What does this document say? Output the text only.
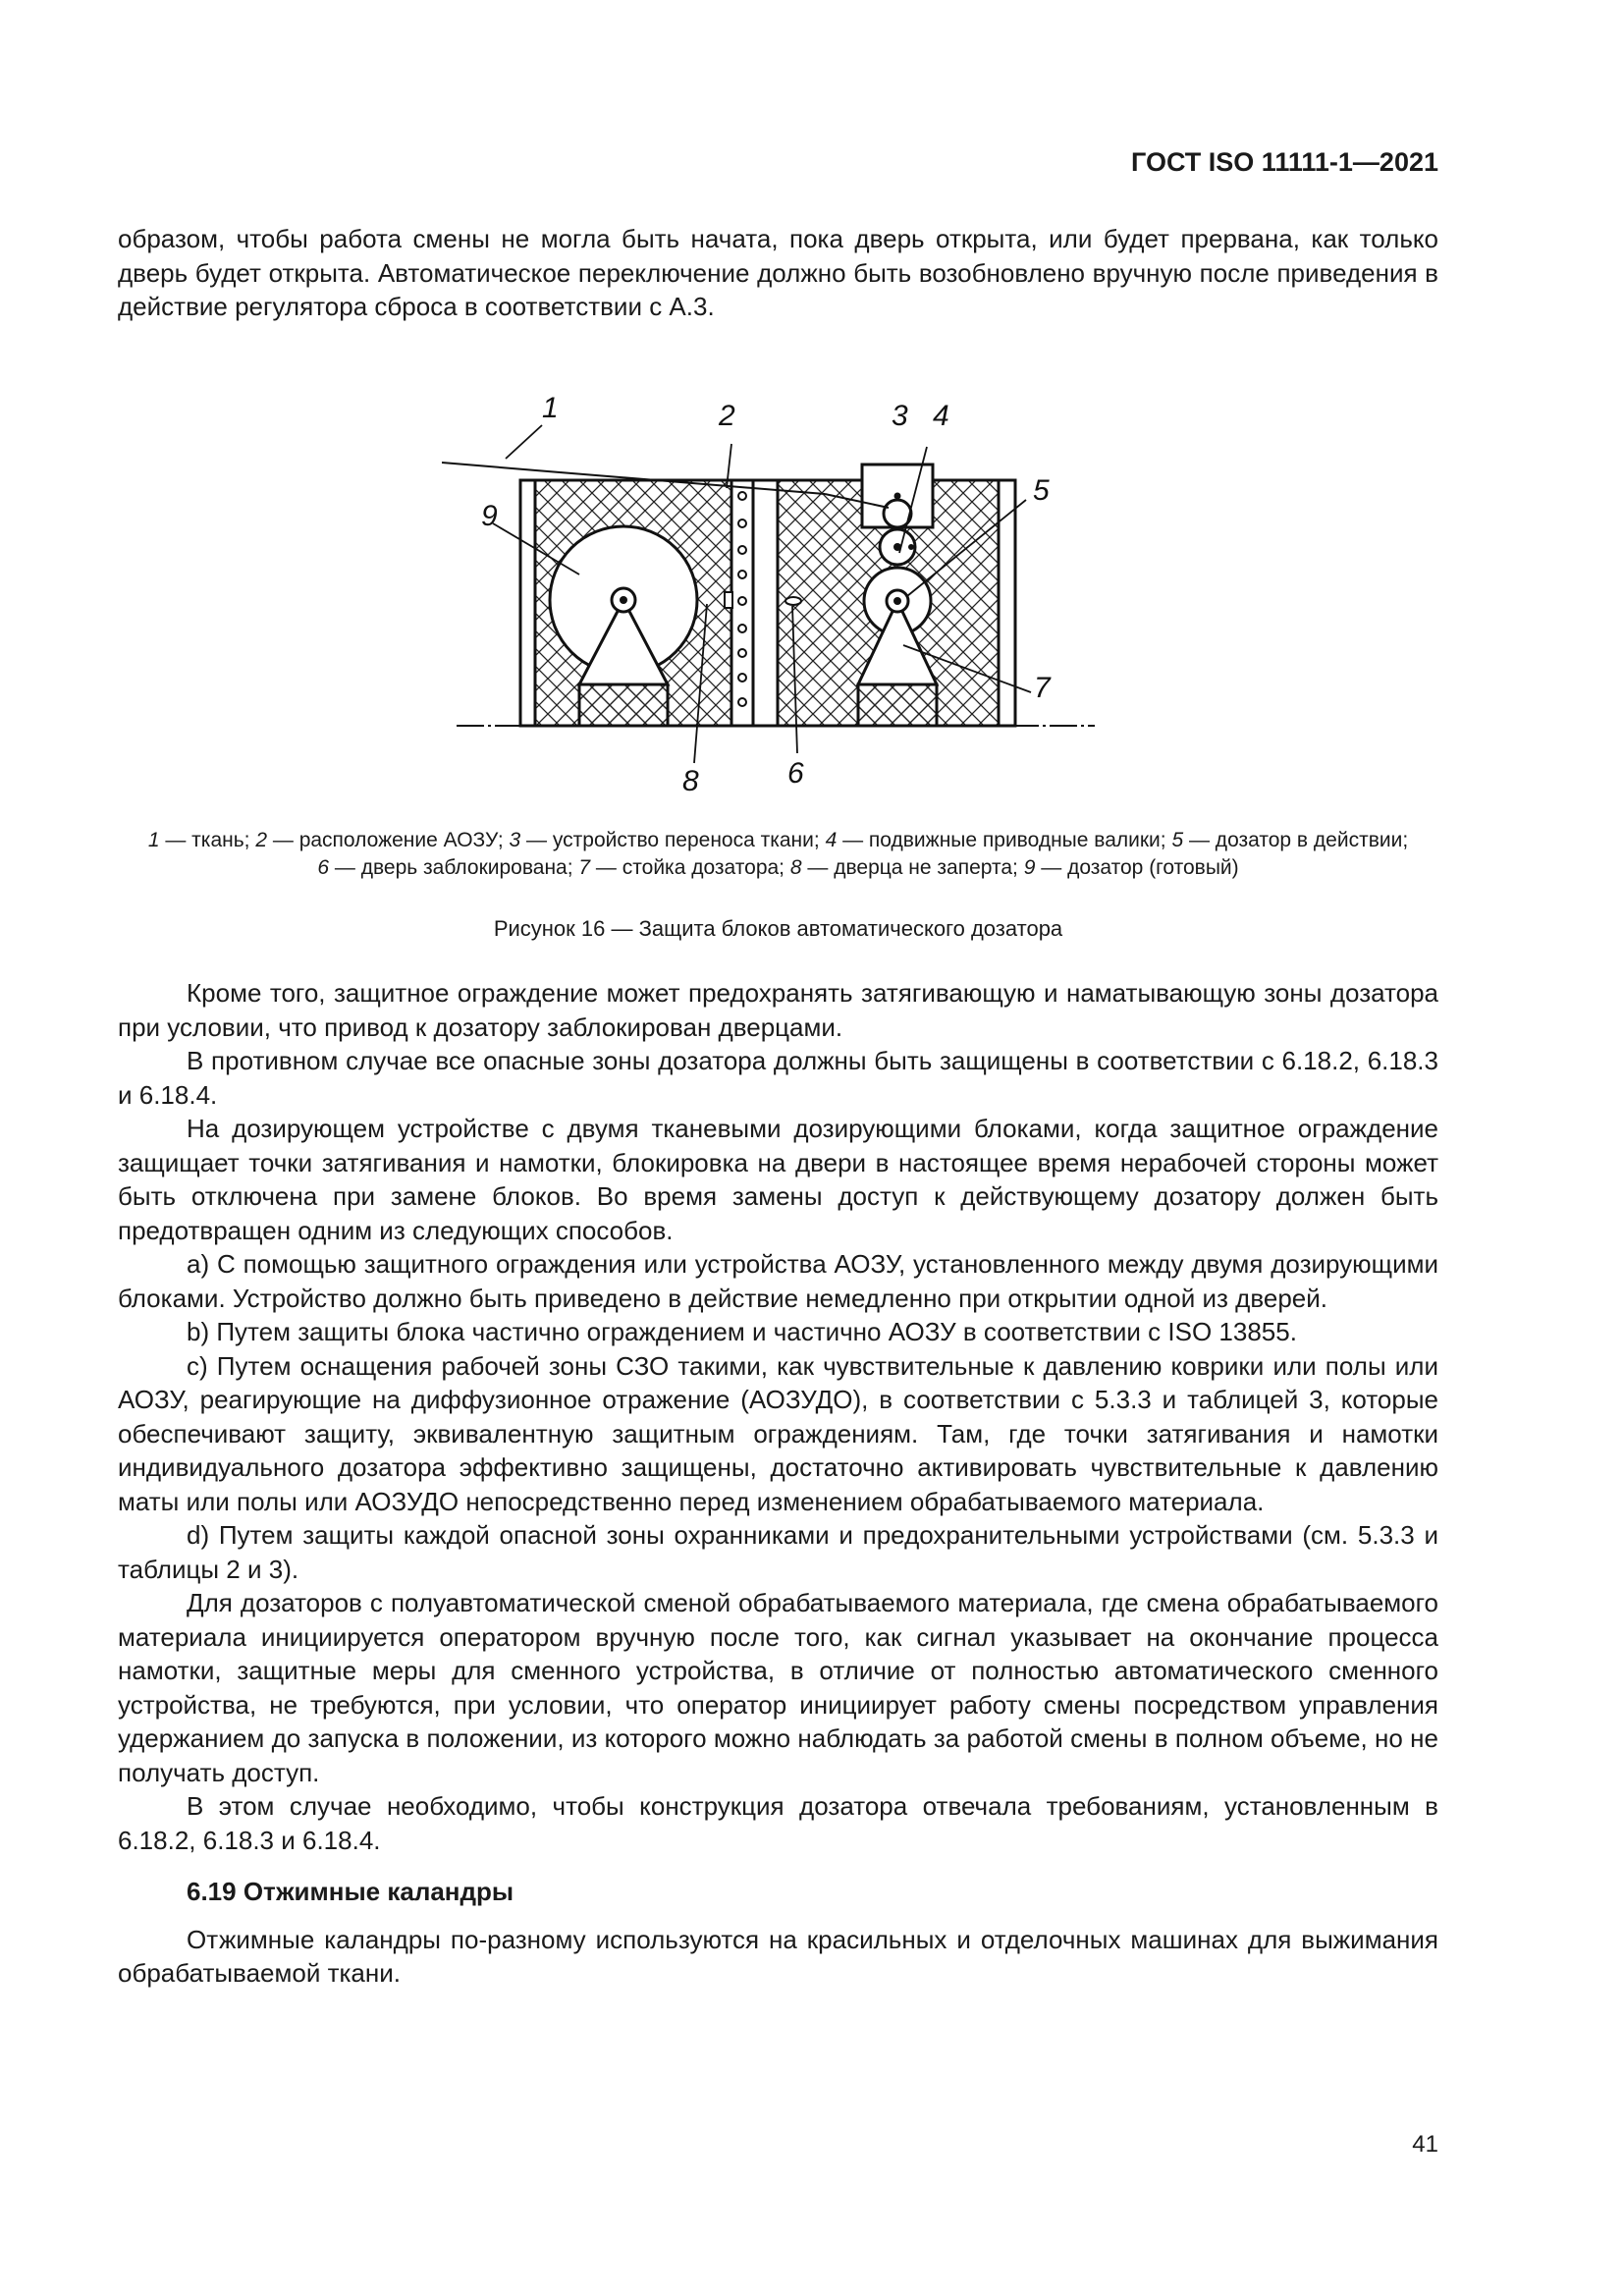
ГОСТ ISO 11111-1—2021

образом, чтобы работа смены не могла быть начата, пока дверь открыта, или будет прервана, как только дверь будет открыта. Автоматическое переключение должно быть возобновлено вручную после приведения в действие регулятора сброса в соответствии с А.3.

1	2	3 4
5
6
7
8
9
1 — ткань; 2 — расположение АОЗУ; 3 — устройство переноса ткани; 4 — подвижные приводные валики; 5 — дозатор в действии;
6 — дверь заблокирована; 7 — стойка дозатора; 8 — дверца не заперта; 9 — дозатор (готовый)
Рисунок 16 — Защита блоков автоматического дозатора

Кроме того, защитное ограждение может предохранять затягивающую и наматывающую зоны дозатора при условии, что привод к дозатору заблокирован дверцами.

В противном случае все опасные зоны дозатора должны быть защищены в соответствии с 6.18.2, 6.18.3 и 6.18.4.

На дозирующем устройстве с двумя тканевыми дозирующими блоками, когда защитное ограждение защищает точки затягивания и намотки, блокировка на двери в настоящее время нерабочей стороны может быть отключена при замене блоков. Во время замены доступ к действующему дозатору должен быть предотвращен одним из следующих способов.

a) С помощью защитного ограждения или устройства АОЗУ, установленного между двумя дозирующими блоками. Устройство должно быть приведено в действие немедленно при открытии одной из дверей.

b) Путем защиты блока частично ограждением и частично АОЗУ в соответствии с ISO 13855.

c) Путем оснащения рабочей зоны СЗО такими, как чувствительные к давлению коврики или полы или АОЗУ, реагирующие на диффузионное отражение (АОЗУДО), в соответствии с 5.3.3 и таблицей 3, которые обеспечивают защиту, эквивалентную защитным ограждениям. Там, где точки затягивания и намотки индивидуального дозатора эффективно защищены, достаточно активировать чувствительные к давлению маты или полы или АОЗУДО непосредственно перед изменением обрабатываемого материала.

d) Путем защиты каждой опасной зоны охранниками и предохранительными устройствами (см. 5.3.3 и таблицы 2 и 3).

Для дозаторов с полуавтоматической сменой обрабатываемого материала, где смена обрабатываемого материала инициируется оператором вручную после того, как сигнал указывает на окончание процесса намотки, защитные меры для сменного устройства, в отличие от полностью автоматического сменного устройства, не требуются, при условии, что оператор инициирует работу смены посредством управления удержанием до запуска в положении, из которого можно наблюдать за работой смены в полном объеме, но не получать доступ.

В этом случае необходимо, чтобы конструкция дозатора отвечала требованиям, установленным в 6.18.2, 6.18.3 и 6.18.4.

6.19 Отжимные каландры

Отжимные каландры по-разному используются на красильных и отделочных машинах для выжимания обрабатываемой ткани.

41
